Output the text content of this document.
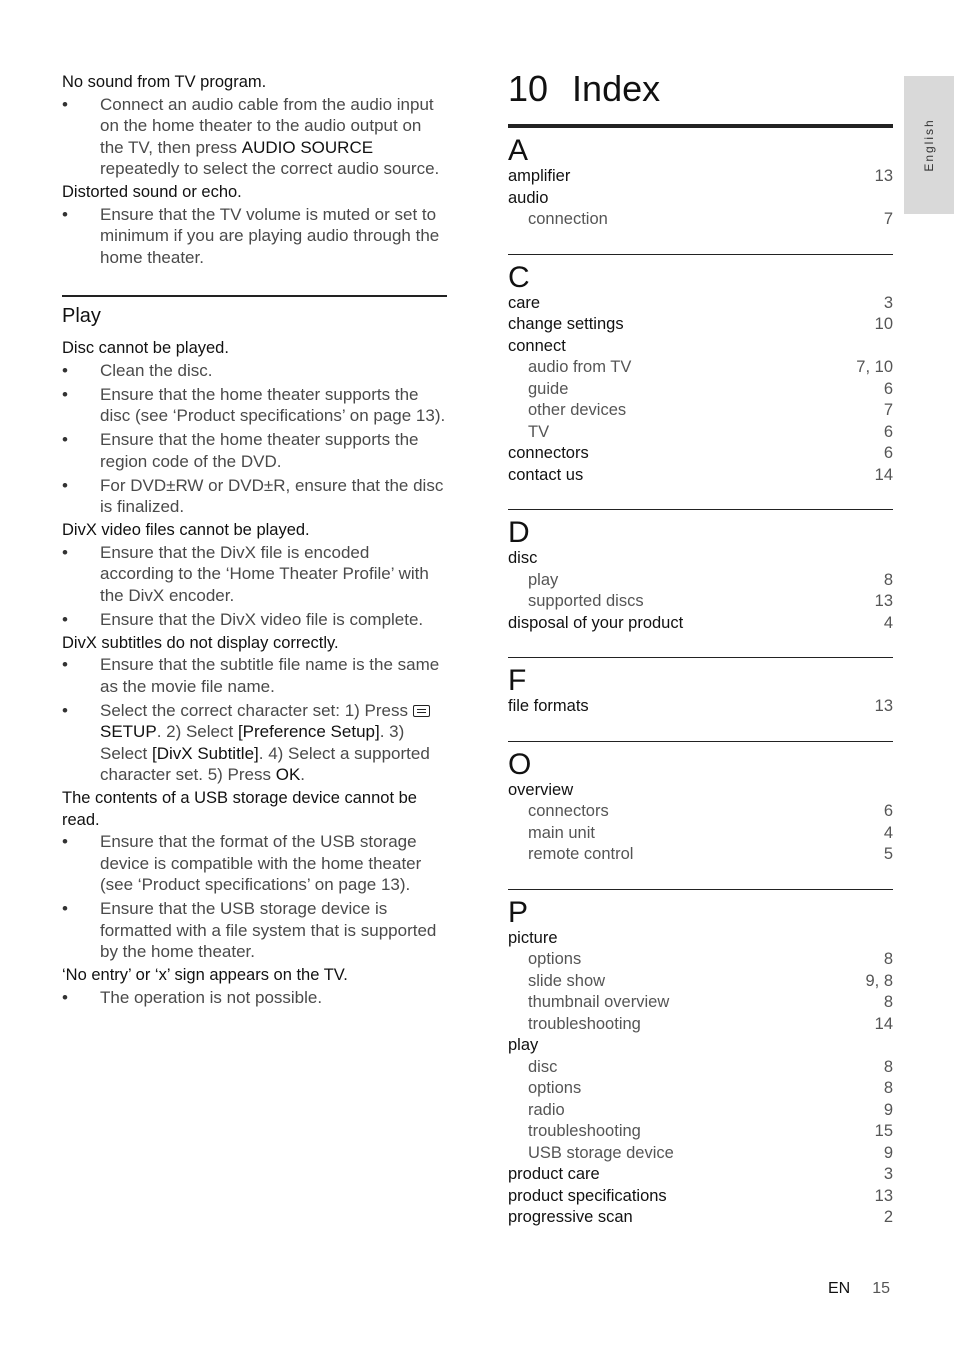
English
No sound from TV program.
• Connect an audio cable from the audio input on the home theater to the audio output on the TV, then press AUDIO SOURCE repeatedly to select the correct audio source.
Distorted sound or echo.
• Ensure that the TV volume is muted or set to minimum if you are playing audio through the home theater.
Play
Disc cannot be played.
• Clean the disc.
• Ensure that the home theater supports the disc (see ‘Product specifications’ on page 13).
• Ensure that the home theater supports the region code of the DVD.
• For DVD±RW or DVD±R, ensure that the disc is finalized.
DivX video files cannot be played.
• Ensure that the DivX file is encoded according to the ‘Home Theater Profile’ with the DivX encoder.
• Ensure that the DivX video file is complete.
DivX subtitles do not display correctly.
• Ensure that the subtitle file name is the same as the movie file name.
• Select the correct character set: 1) Press SETUP. 2) Select [Preference Setup]. 3) Select [DivX Subtitle]. 4) Select a supported character set. 5) Press OK.
The contents of a USB storage device cannot be read.
• Ensure that the format of the USB storage device is compatible with the home theater (see ‘Product specifications’ on page 13).
• Ensure that the USB storage device is formatted with a file system that is supported by the home theater.
‘No entry’ or ‘x’ sign appears on the TV.
• The operation is not possible.
10 Index
A
amplifier	13
audio
connection	7
C
care	3
change settings	10
connect
audio from TV	7, 10
guide	6
other devices	7
TV	6
connectors	6
contact us	14
D
disc
play	8
supported discs	13
disposal of your product	4
F
file formats	13
O
overview
connectors	6
main unit	4
remote control	5
P
picture
options	8
slide show	9, 8
thumbnail overview	8
troubleshooting	14
play
disc	8
options	8
radio	9
troubleshooting	15
USB storage device	9
product care	3
product specifications	13
progressive scan	2
EN 15
